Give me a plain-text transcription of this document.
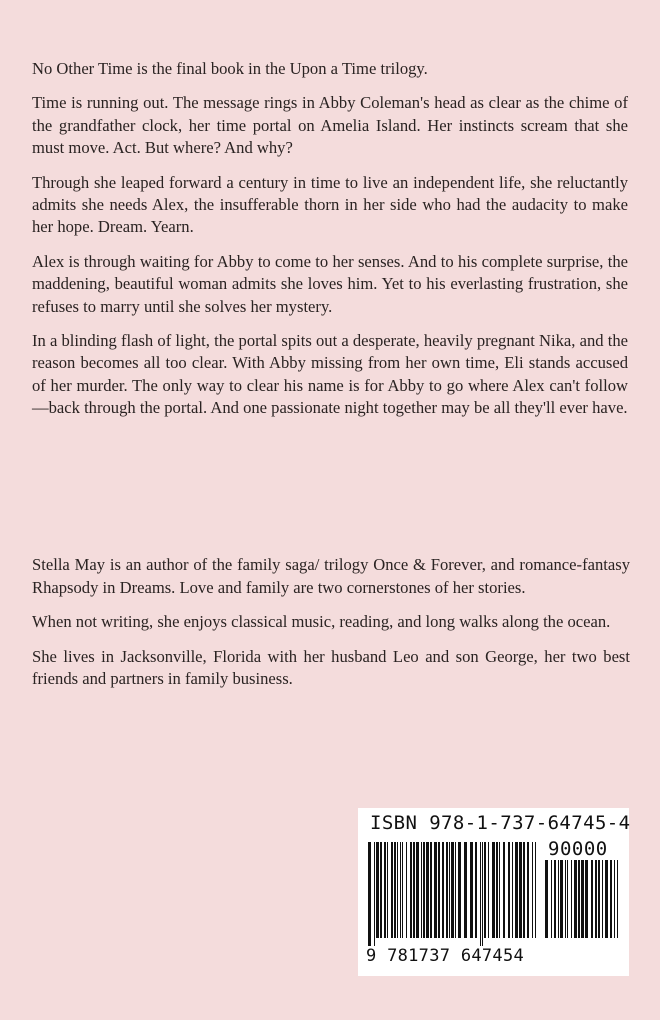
No Other Time is the final book in the Upon a Time trilogy.

Time is running out. The message rings in Abby Coleman's head as clear as the chime of the grandfather clock, her time portal on Amelia Island. Her instincts scream that she must move. Act. But where? And why?

Through she leaped forward a century in time to live an independent life, she reluctantly admits she needs Alex, the insufferable thorn in her side who had the audacity to make her hope. Dream. Yearn.

Alex is through waiting for Abby to come to her senses. And to his complete surprise, the maddening, beautiful woman admits she loves him. Yet to his everlasting frustration, she refuses to marry until she solves her mystery.

In a blinding flash of light, the portal spits out a desperate, heavily pregnant Nika, and the reason becomes all too clear. With Abby missing from her own time, Eli stands accused of her murder. The only way to clear his name is for Abby to go where Alex can't follow—back through the portal. And one passionate night together may be all they'll ever have.

Stella May is an author of the family saga/ trilogy Once & Forever, and romance-fantasy Rhapsody in Dreams. Love and family are two cornerstones of her stories.

When not writing, she enjoys classical music, reading, and long walks along the ocean.

She lives in Jacksonville, Florida with her husband Leo and son George, her two best friends and partners in family business.

ISBN 978-1-737-64745-4
90000
9 781737 647454
